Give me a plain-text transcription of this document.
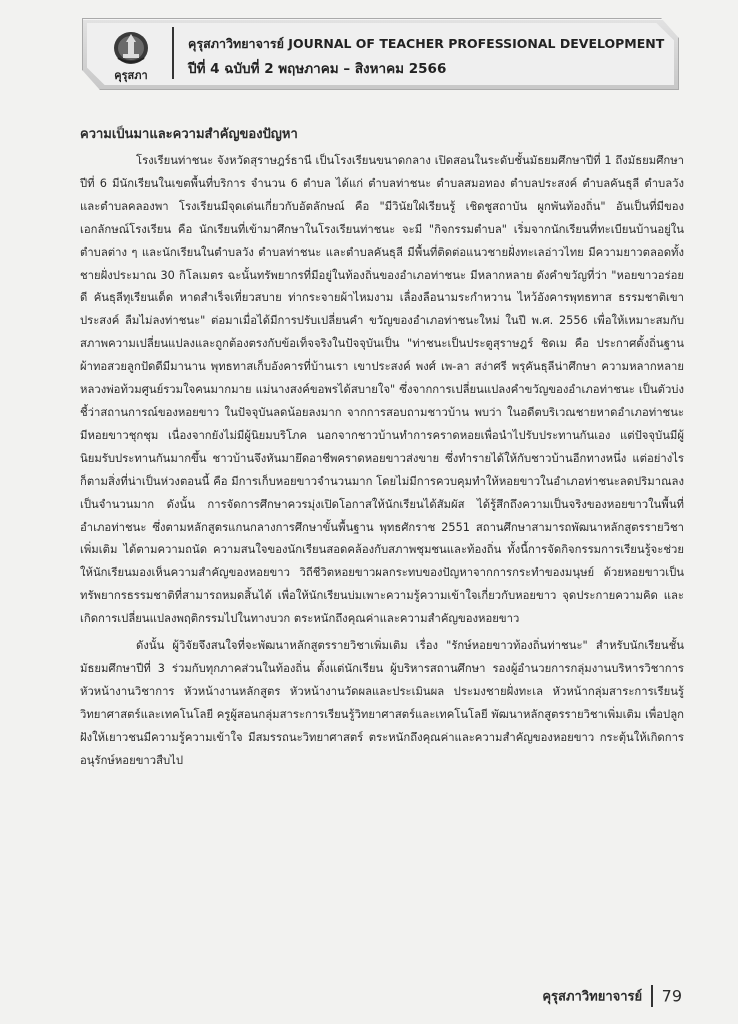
คุรุสภา
คุรุสภาวิทยาจารย์ JOURNAL OF TEACHER PROFESSIONAL DEVELOPMENT
ปีที่ 4 ฉบับที่ 2 พฤษภาคม – สิงหาคม 2566
ความเป็นมาและความสำคัญของปัญหา

โรงเรียนท่าชนะ จังหวัดสุราษฎร์ธานี เป็นโรงเรียนขนาดกลาง เปิดสอนในระดับชั้นมัธยมศึกษาปีที่ 1 ถึงมัธยมศึกษาปีที่ 6 มีนักเรียนในเขตพื้นที่บริการ จำนวน 6 ตำบล ได้แก่ ตำบลท่าชนะ ตำบลสมอทอง ตำบลประสงค์ ตำบลคันธุลี ตำบลวัง และตำบลคลองพา โรงเรียนมีจุดเด่นเกี่ยวกับอัตลักษณ์ คือ "มีวินัยใฝ่เรียนรู้ เชิดชูสถาบัน ผูกพันท้องถิ่น" อันเป็นที่มีของเอกลักษณ์โรงเรียน คือ นักเรียนที่เข้ามาศึกษาในโรงเรียนท่าชนะ จะมี "กิจกรรมตำบล" เริ่มจากนักเรียนที่ทะเบียนบ้านอยู่ในตำบลต่าง ๆ และนักเรียนในตำบลวัง ตำบลท่าชนะ และตำบลคันธุลี มีพื้นที่ติดต่อแนวชายฝั่งทะเลอ่าวไทย มีความยาวตลอดทั้งชายฝั่งประมาณ 30 กิโลเมตร ฉะนั้นทรัพยากรที่มีอยู่ในท้องถิ่นของอำเภอท่าชนะ มีหลากหลาย ดังคำขวัญที่ว่า "หอยขาวอร่อยดี คันธุลีทุเรียนเด็ด หาดสำเร็จเที่ยวสบาย ท่ากระจายผ้าไหมงาม เลื่องลือนามระกำหวาน ไหว้อังคารพุทธทาส ธรรมชาติเขาประสงค์ ลืมไม่ลงท่าชนะ" ต่อมาเมื่อได้มีการปรับเปลี่ยนคำ ขวัญของอำเภอท่าชนะใหม่ ในปี พ.ศ. 2556 เพื่อให้เหมาะสมกับสภาพความเปลี่ยนแปลงและถูกต้องตรงกับข้อเท็จจริงในปัจจุบันเป็น "ท่าชนะเป็นประตูสุราษฎร์ ชิดเม คือ ประกาศตั้งถิ่นฐาน ผ้าทอสวยลูกปัดดีมีมานาน พุทธทาสเก็บอังคารที่บ้านเรา เขาประสงค์ พงศ์ เพ-ลา สง่าศรี พรุคันธุลีน่าศึกษา ความหลากหลาย หลวงพ่อท้วมศูนย์รวมใจคนมากมาย แม่นางสงค์ขอพรได้สบายใจ" ซึ่งจากการเปลี่ยนแปลงคำขวัญของอำเภอท่าชนะ เป็นตัวบ่งชี้ว่าสถานการณ์ของหอยขาว ในปัจจุบันลดน้อยลงมาก จากการสอบถามชาวบ้าน พบว่า ในอดีตบริเวณชายหาดอำเภอท่าชนะมีหอยขาวชุกชุม เนื่องจากยังไม่มีผู้นิยมบริโภค นอกจากชาวบ้านทำการคราดหอยเพื่อนำไปรับประทานกันเอง แต่ปัจจุบันมีผู้นิยมรับประทานกันมากขึ้น ชาวบ้านจึงหันมายึดอาชีพคราดหอยขาวส่งขาย ซึ่งทำรายได้ให้กับชาวบ้านอีกทางหนึ่ง แต่อย่างไรก็ตามสิ่งที่น่าเป็นห่วงตอนนี้ คือ มีการเก็บหอยขาวจำนวนมาก โดยไม่มีการควบคุมทำให้หอยขาวในอำเภอท่าชนะลดปริมาณลงเป็นจำนวนมาก ดังนั้น การจัดการศึกษาควรมุ่งเปิดโอกาสให้นักเรียนได้สัมผัส ได้รู้สึกถึงความเป็นจริงของหอยขาวในพื้นที่อำเภอท่าชนะ ซึ่งตามหลักสูตรแกนกลางการศึกษาขั้นพื้นฐาน พุทธศักราช 2551 สถานศึกษาสามารถพัฒนาหลักสูตรรายวิชาเพิ่มเติม ได้ตามความถนัด ความสนใจของนักเรียนสอดคล้องกับสภาพชุมชนและท้องถิ่น ทั้งนี้การจัดกิจกรรมการเรียนรู้จะช่วยให้นักเรียนมองเห็นความสำคัญของหอยขาว วิถีชีวิตหอยขาวผลกระทบของปัญหาจากการกระทำของมนุษย์ ด้วยหอยขาวเป็นทรัพยากรธรรมชาติที่สามารถหมดสิ้นได้ เพื่อให้นักเรียนบ่มเพาะความรู้ความเข้าใจเกี่ยวกับหอยขาว จุดประกายความคิด และเกิดการเปลี่ยนแปลงพฤติกรรมไปในทางบวก ตระหนักถึงคุณค่าและความสำคัญของหอยขาว

ดังนั้น ผู้วิจัยจึงสนใจที่จะพัฒนาหลักสูตรรายวิชาเพิ่มเติม เรื่อง "รักษ์หอยขาวท้องถิ่นท่าชนะ" สำหรับนักเรียนชั้นมัธยมศึกษาปีที่ 3 ร่วมกับทุกภาคส่วนในท้องถิ่น ตั้งแต่นักเรียน ผู้บริหารสถานศึกษา รองผู้อำนวยการกลุ่มงานบริหารวิชาการ หัวหน้างานวิชาการ หัวหน้างานหลักสูตร หัวหน้างานวัดผลและประเมินผล ประมงชายฝั่งทะเล หัวหน้ากลุ่มสาระการเรียนรู้วิทยาศาสตร์และเทคโนโลยี ครูผู้สอนกลุ่มสาระการเรียนรู้วิทยาศาสตร์และเทคโนโลยี พัฒนาหลักสูตรรายวิชาเพิ่มเติม เพื่อปลูกฝังให้เยาวชนมีความรู้ความเข้าใจ มีสมรรถนะวิทยาศาสตร์ ตระหนักถึงคุณค่าและความสำคัญของหอยขาว กระตุ้นให้เกิดการอนุรักษ์หอยขาวสืบไป

คุรุสภาวิทยาจารย์ 79
